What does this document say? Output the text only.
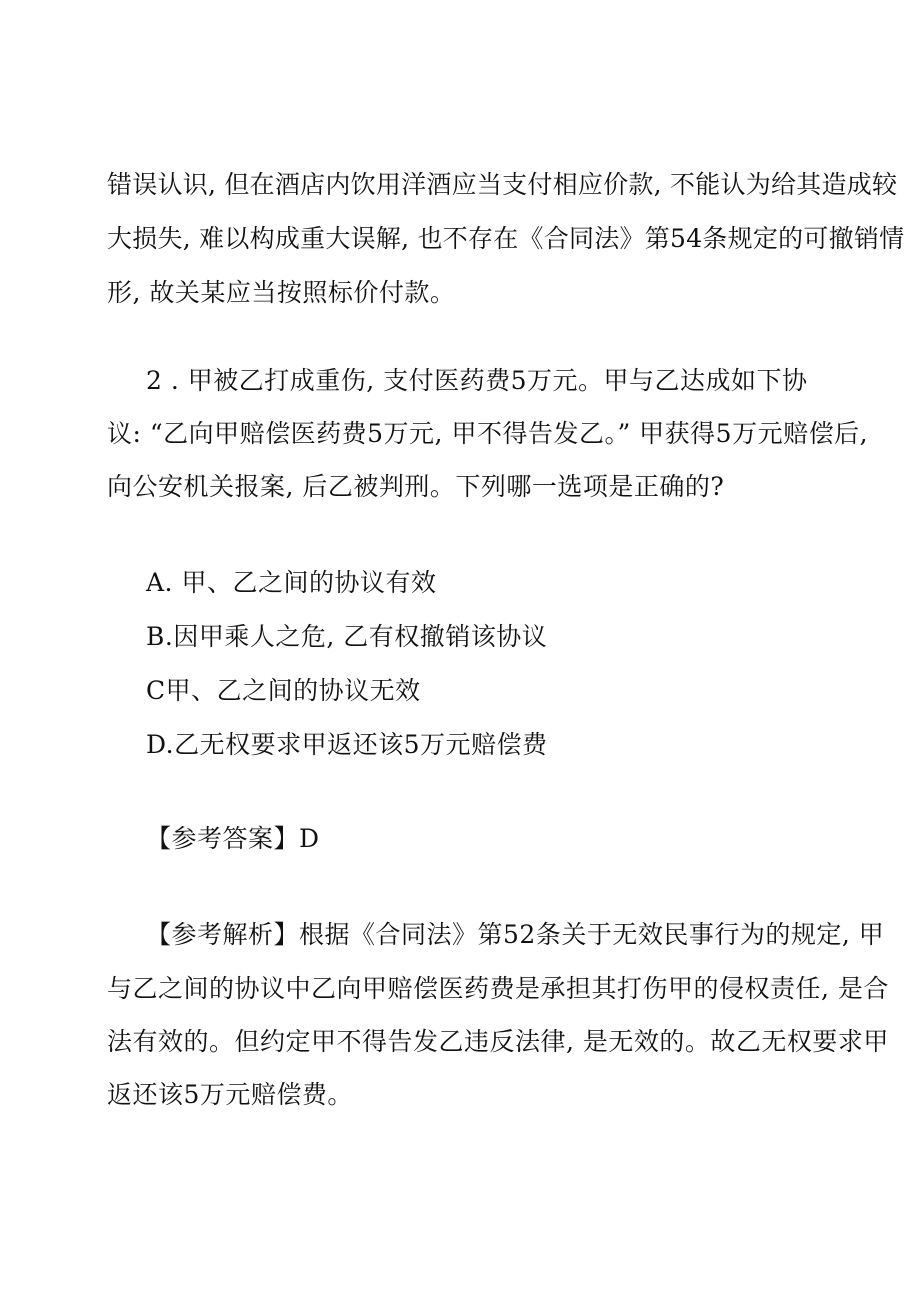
错误认识, 但在酒店内饮用洋酒应当支付相应价款, 不能认为给其造成较
大损失, 难以构成重大误解, 也不存在《合同法》第54条规定的可撤销情
形, 故关某应当按照标价付款。
2 . 甲被乙打成重伤, 支付医药费5万元。甲与乙达成如下协
议: “乙向甲赔偿医药费5万元, 甲不得告发乙。” 甲获得5万元赔偿后,
向公安机关报案, 后乙被判刑。下列哪一选项是正确的?
A. 甲、乙之间的协议有效
B.因甲乘人之危, 乙有权撤销该协议
C甲、乙之间的协议无效
D.乙无权要求甲返还该5万元赔偿费
【参考答案】D
【参考解析】根据《合同法》第52条关于无效民事行为的规定, 甲
与乙之间的协议中乙向甲赔偿医药费是承担其打伤甲的侵权责任, 是合
法有效的。但约定甲不得告发乙违反法律, 是无效的。故乙无权要求甲
返还该5万元赔偿费。
